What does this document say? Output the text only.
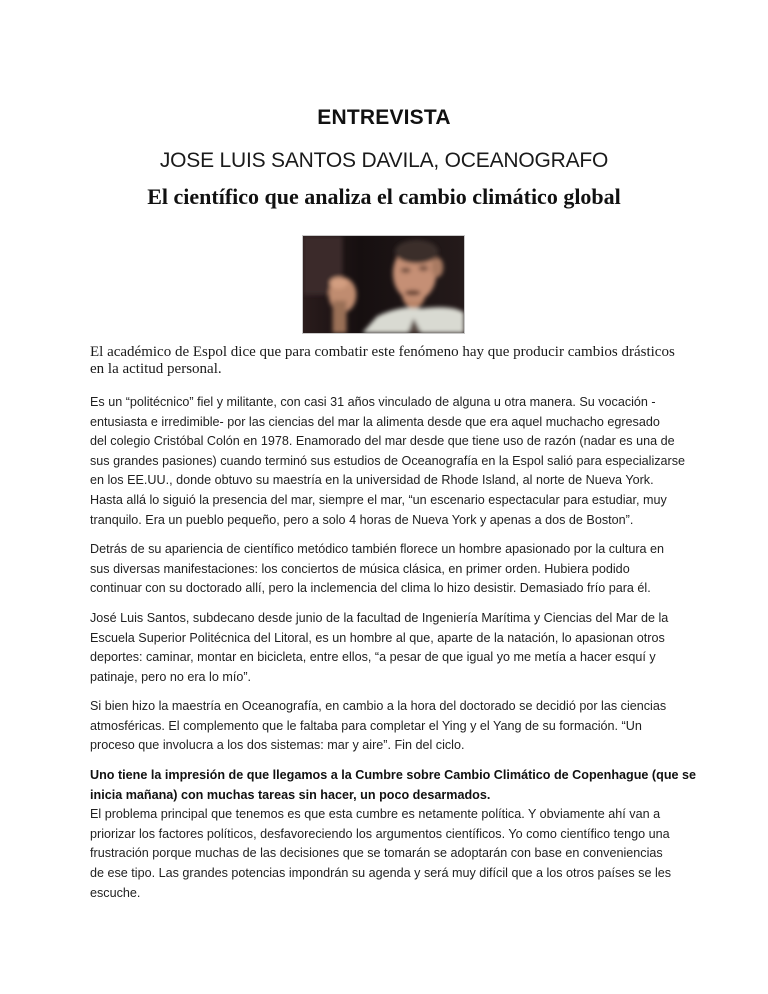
ENTREVISTA
JOSE LUIS SANTOS DAVILA, OCEANOGRAFO
El científico que analiza el cambio climático global
El académico de Espol dice que para combatir este fenómeno hay que producir cambios drásticos
en la actitud personal.
Es un “politécnico” fiel y militante, con casi 31 años vinculado de alguna u otra manera. Su vocación -
entusiasta e irredimible- por las ciencias del mar la alimenta desde que era aquel muchacho egresado
del colegio Cristóbal Colón en 1978. Enamorado del mar desde que tiene uso de razón (nadar es una de
sus grandes pasiones) cuando terminó sus estudios de Oceanografía en la Espol salió para especializarse
en los EE.UU., donde obtuvo su maestría en la universidad de Rhode Island, al norte de Nueva York.
Hasta allá lo siguió la presencia del mar, siempre el mar, “un escenario espectacular para estudiar, muy
tranquilo. Era un pueblo pequeño, pero a solo 4 horas de Nueva York y apenas a dos de Boston”.
Detrás de su apariencia de científico metódico también florece un hombre apasionado por la cultura en
sus diversas manifestaciones: los conciertos de música clásica, en primer orden. Hubiera podido
continuar con su doctorado allí, pero la inclemencia del clima lo hizo desistir. Demasiado frío para él.
José Luis Santos, subdecano desde junio de la facultad de Ingeniería Marítima y Ciencias del Mar de la
Escuela Superior Politécnica del Litoral, es un hombre al que, aparte de la natación, lo apasionan otros
deportes: caminar, montar en bicicleta, entre ellos, “a pesar de que igual yo me metía a hacer esquí y
patinaje, pero no era lo mío”.
Si bien hizo la maestría en Oceanografía, en cambio a la hora del doctorado se decidió por las ciencias
atmosféricas. El complemento que le faltaba para completar el Ying y el Yang de su formación. “Un
proceso que involucra a los dos sistemas: mar y aire”. Fin del ciclo.
Uno tiene la impresión de que llegamos a la Cumbre sobre Cambio Climático de Copenhague (que se
inicia mañana) con muchas tareas sin hacer, un poco desarmados.
El problema principal que tenemos es que esta cumbre es netamente política. Y obviamente ahí van a
priorizar los factores políticos, desfavoreciendo los argumentos científicos. Yo como científico tengo una
frustración porque muchas de las decisiones que se tomarán se adoptarán con base en conveniencias
de ese tipo. Las grandes potencias impondrán su agenda y será muy difícil que a los otros países se les
escuche.
